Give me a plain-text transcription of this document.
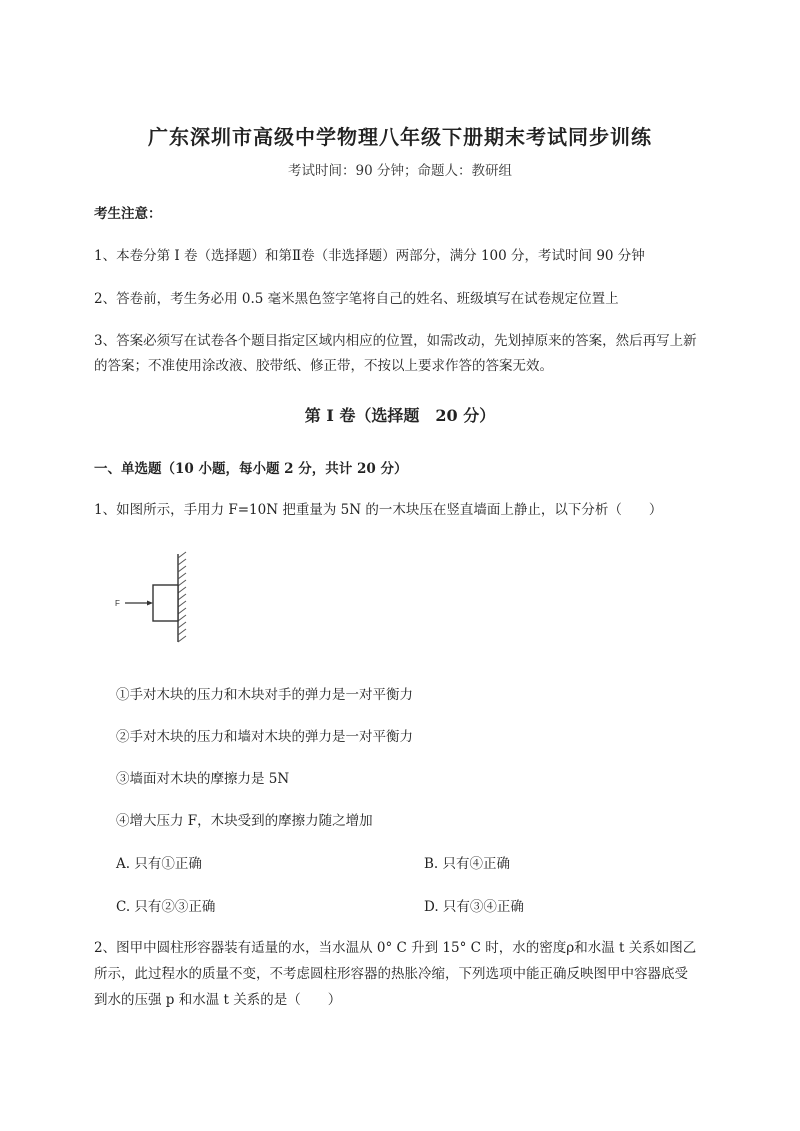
广东深圳市高级中学物理八年级下册期末考试同步训练
考试时间：90 分钟；命题人：教研组
考生注意：
1、本卷分第 I 卷（选择题）和第Ⅱ卷（非选择题）两部分，满分 100 分，考试时间 90 分钟
2、答卷前，考生务必用 0.5 毫米黑色签字笔将自己的姓名、班级填写在试卷规定位置上
3、答案必须写在试卷各个题目指定区域内相应的位置，如需改动，先划掉原来的答案，然后再写上新
的答案；不准使用涂改液、胶带纸、修正带，不按以上要求作答的答案无效。
第 I 卷（选择题　20 分）
一、单选题（10 小题，每小题 2 分，共计 20 分）
1、如图所示，手用力 F=10N 把重量为 5N 的一木块压在竖直墙面上静止，以下分析（　　）
F
①手对木块的压力和木块对手的弹力是一对平衡力
②手对木块的压力和墙对木块的弹力是一对平衡力
③墙面对木块的摩擦力是 5N
④增大压力 F，木块受到的摩擦力随之增加
A. 只有①正确	B. 只有④正确
C. 只有②③正确	D. 只有③④正确
2、图甲中圆柱形容器装有适量的水，当水温从 0° C 升到 15° C 时，水的密度ρ和水温 t 关系如图乙
所示，此过程水的质量不变，不考虑圆柱形容器的热胀冷缩，下列选项中能正确反映图甲中容器底受
到水的压强 p 和水温 t 关系的是（　　）
